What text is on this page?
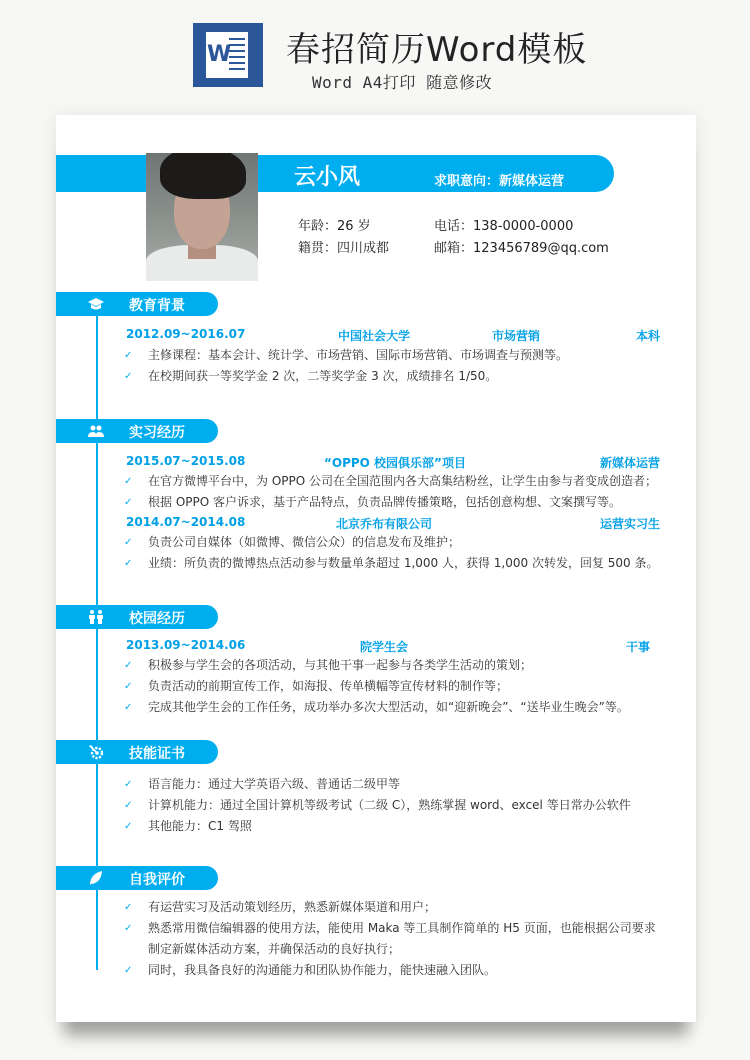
W 春招简历Word模板
Word A4打印 随意修改
云小风	求职意向：新媒体运营
年龄：26 岁
籍贯：四川成都
电话：138-0000-0000
邮箱：123456789@qq.com
教育背景
2012.09~2016.07	中国社会大学	市场营销	本科
✓	主修课程：基本会计、统计学、市场营销、国际市场营销、市场调查与预测等。
✓	在校期间获一等奖学金 2 次，二等奖学金 3 次，成绩排名 1/50。
实习经历
2015.07~2015.08	“OPPO 校园俱乐部”项目	新媒体运营
✓	在官方微博平台中，为 OPPO 公司在全国范围内各大高集结粉丝，让学生由参与者变成创造者；
✓	根据 OPPO 客户诉求，基于产品特点，负责品牌传播策略，包括创意构想、文案撰写等。
2014.07~2014.08	北京乔布有限公司	运营实习生
✓	负责公司自媒体（如微博、微信公众）的信息发布及维护；
✓	业绩：所负责的微博热点活动参与数量单条超过 1,000 人，获得 1,000 次转发，回复 500 条。
校园经历
2013.09~2014.06	院学生会	干事
✓	积极参与学生会的各项活动，与其他干事一起参与各类学生活动的策划；
✓	负责活动的前期宣传工作，如海报、传单横幅等宣传材料的制作等；
✓	完成其他学生会的工作任务，成功举办多次大型活动，如“迎新晚会”、“送毕业生晚会”等。
技能证书
✓	语言能力：通过大学英语六级、普通话二级甲等
✓	计算机能力：通过全国计算机等级考试（二级 C），熟练掌握 word、excel 等日常办公软件
✓	其他能力：C1 驾照
自我评价
✓	有运营实习及活动策划经历，熟悉新媒体渠道和用户；
✓	熟悉常用微信编辑器的使用方法，能使用 Maka 等工具制作简单的 H5 页面，也能根据公司要求制定新媒体活动方案，并确保活动的良好执行；
✓	同时，我具备良好的沟通能力和团队协作能力，能快速融入团队。
